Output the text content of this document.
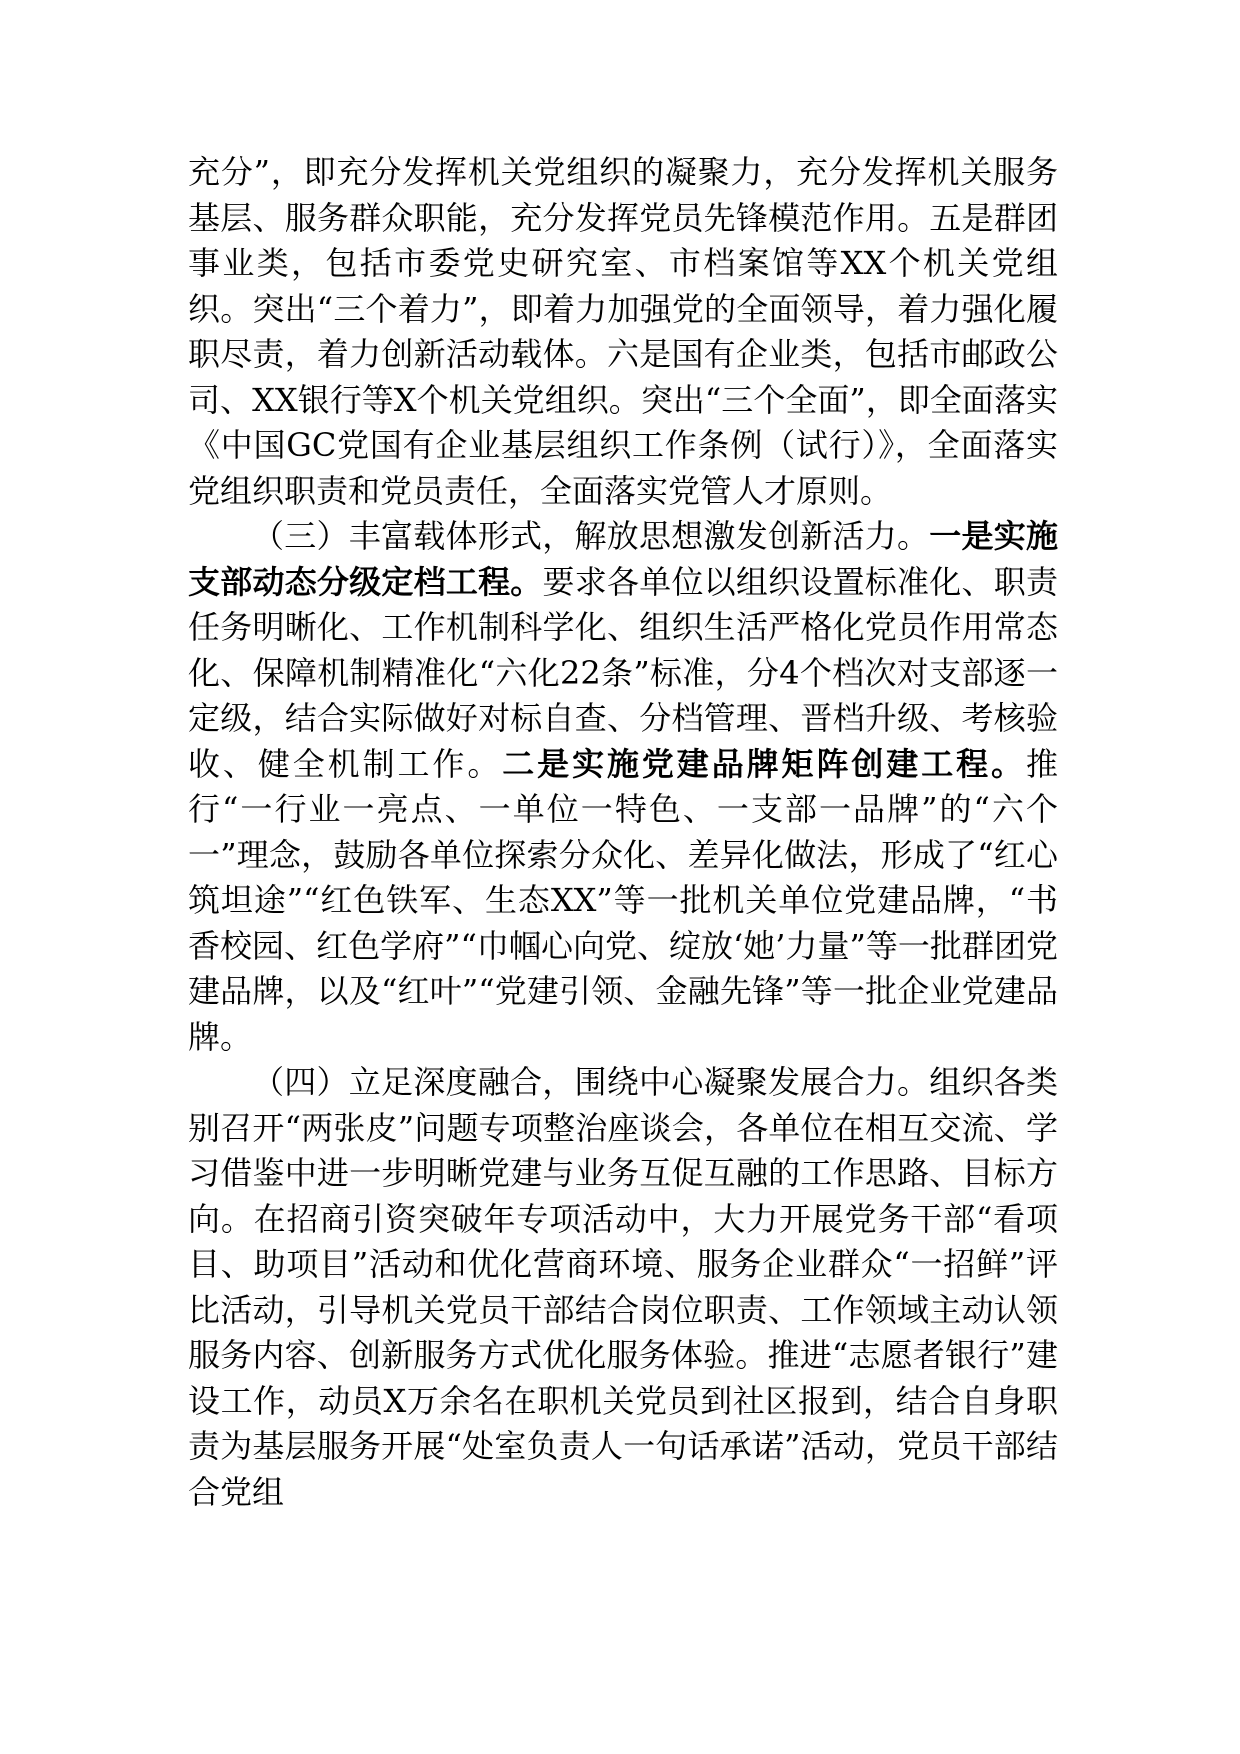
充分”，即充分发挥机关党组织的凝聚力，充分发挥机关服务基层、服务群众职能，充分发挥党员先锋模范作用。五是群团事业类，包括市委党史研究室、市档案馆等XX个机关党组织。突出“三个着力”，即着力加强党的全面领导，着力强化履职尽责，着力创新活动载体。六是国有企业类，包括市邮政公司、XX银行等X个机关党组织。突出“三个全面”，即全面落实《中国GC党国有企业基层组织工作条例（试行）》，全面落实党组织职责和党员责任，全面落实党管人才原则。

（三）丰富载体形式，解放思想激发创新活力。一是实施支部动态分级定档工程。要求各单位以组织设置标准化、职责任务明晰化、工作机制科学化、组织生活严格化党员作用常态化、保障机制精准化“六化22条”标准，分4个档次对支部逐一定级，结合实际做好对标自查、分档管理、晋档升级、考核验收、健全机制工作。二是实施党建品牌矩阵创建工程。推行“一行业一亮点、一单位一特色、一支部一品牌”的“六个一”理念，鼓励各单位探索分众化、差异化做法，形成了“红心筑坦途”“红色铁军、生态XX”等一批机关单位党建品牌，“书香校园、红色学府”“巾帼心向党、绽放‘她’力量”等一批群团党建品牌，以及“红叶”“党建引领、金融先锋”等一批企业党建品牌。

（四）立足深度融合，围绕中心凝聚发展合力。组织各类别召开“两张皮”问题专项整治座谈会，各单位在相互交流、学习借鉴中进一步明晰党建与业务互促互融的工作思路、目标方向。在招商引资突破年专项活动中，大力开展党务干部“看项目、助项目”活动和优化营商环境、服务企业群众“一招鲜”评比活动，引导机关党员干部结合岗位职责、工作领域主动认领服务内容、创新服务方式优化服务体验。推进“志愿者银行”建设工作，动员X万余名在职机关党员到社区报到，结合自身职责为基层服务开展“处室负责人一句话承诺”活动，党员干部结合党组
